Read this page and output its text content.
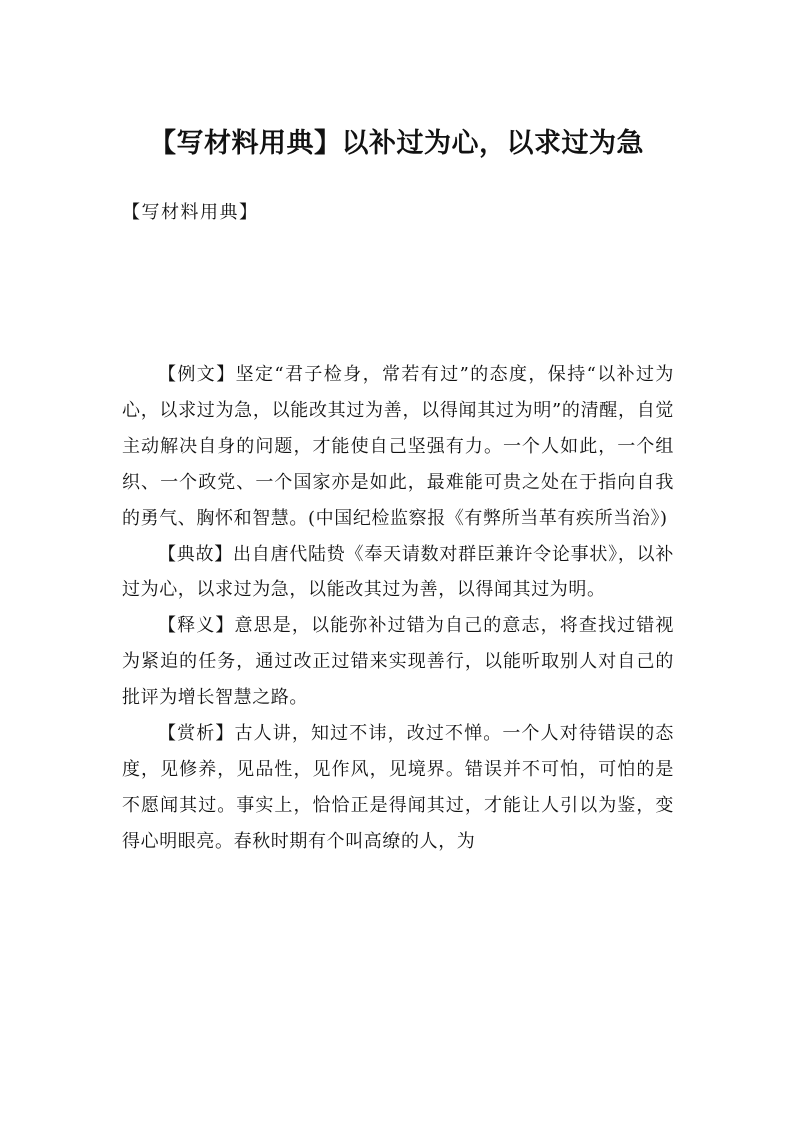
【写材料用典】以补过为心，以求过为急
【写材料用典】

【例文】坚定“君子检身，常若有过”的态度，保持“以补过为心，以求过为急，以能改其过为善，以得闻其过为明”的清醒，自觉主动解决自身的问题，才能使自己坚强有力。一个人如此，一个组织、一个政党、一个国家亦是如此，最难能可贵之处在于指向自我的勇气、胸怀和智慧。(中国纪检监察报《有弊所当革有疾所当治》)

【典故】出自唐代陆贽《奉天请数对群臣兼许令论事状》，以补过为心，以求过为急，以能改其过为善，以得闻其过为明。

【释义】意思是，以能弥补过错为自己的意志，将查找过错视为紧迫的任务，通过改正过错来实现善行，以能听取别人对自己的批评为增长智慧之路。

【赏析】古人讲，知过不讳，改过不惮。一个人对待错误的态度，见修养，见品性，见作风，见境界。错误并不可怕，可怕的是不愿闻其过。事实上，恰恰正是得闻其过，才能让人引以为鉴，变得心明眼亮。春秋时期有个叫高缭的人，为
